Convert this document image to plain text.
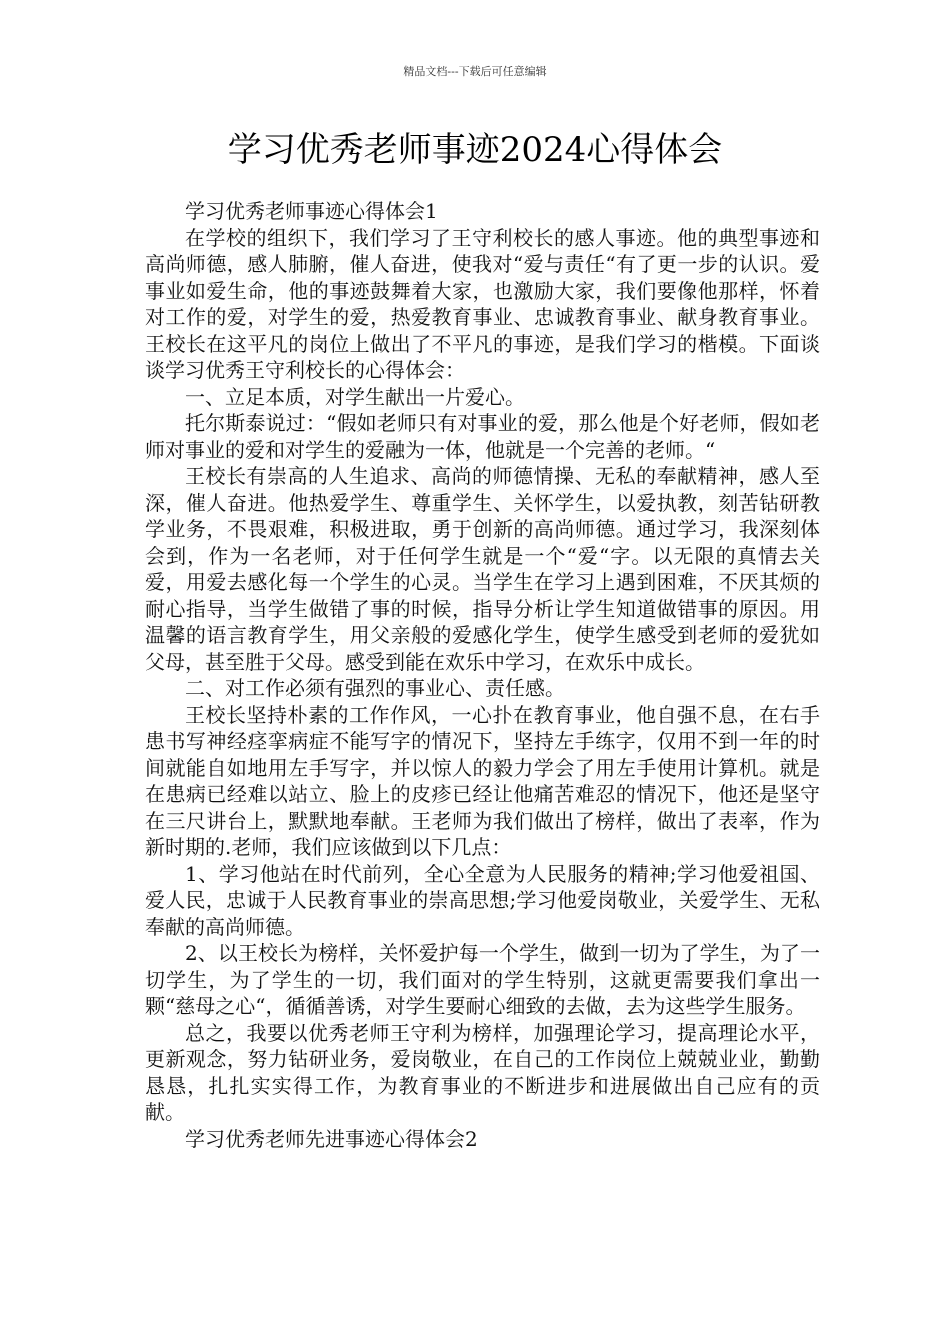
精品文档---下载后可任意编辑
学习优秀老师事迹2024心得体会

学习优秀老师事迹心得体会1

在学校的组织下，我们学习了王守利校长的感人事迹。他的典型事迹和高尚师德，感人肺腑，催人奋进，使我对“爱与责任“有了更一步的认识。爱事业如爱生命，他的事迹鼓舞着大家，也激励大家，我们要像他那样，怀着对工作的爱，对学生的爱，热爱教育事业、忠诚教育事业、献身教育事业。王校长在这平凡的岗位上做出了不平凡的事迹，是我们学习的楷模。下面谈谈学习优秀王守利校长的心得体会：

一、立足本质，对学生献出一片爱心。

托尔斯泰说过：“假如老师只有对事业的爱，那么他是个好老师，假如老师对事业的爱和对学生的爱融为一体，他就是一个完善的老师。“

王校长有崇高的人生追求、高尚的师德情操、无私的奉献精神，感人至深，催人奋进。他热爱学生、尊重学生、关怀学生，以爱执教，刻苦钻研教学业务，不畏艰难，积极进取，勇于创新的高尚师德。通过学习，我深刻体会到，作为一名老师，对于任何学生就是一个“爱“字。以无限的真情去关爱，用爱去感化每一个学生的心灵。当学生在学习上遇到困难，不厌其烦的耐心指导，当学生做错了事的时候，指导分析让学生知道做错事的原因。用温馨的语言教育学生，用父亲般的爱感化学生，使学生感受到老师的爱犹如父母，甚至胜于父母。感受到能在欢乐中学习，在欢乐中成长。

二、对工作必须有强烈的事业心、责任感。

王校长坚持朴素的工作作风，一心扑在教育事业，他自强不息，在右手患书写神经痉挛病症不能写字的情况下，坚持左手练字，仅用不到一年的时间就能自如地用左手写字，并以惊人的毅力学会了用左手使用计算机。就是在患病已经难以站立、脸上的皮疹已经让他痛苦难忍的情况下，他还是坚守在三尺讲台上，默默地奉献。王老师为我们做出了榜样，做出了表率，作为新时期的.老师，我们应该做到以下几点：

1、学习他站在时代前列，全心全意为人民服务的精神;学习他爱祖国、爱人民，忠诚于人民教育事业的崇高思想;学习他爱岗敬业，关爱学生、无私奉献的高尚师德。

2、以王校长为榜样，关怀爱护每一个学生，做到一切为了学生，为了一切学生，为了学生的一切，我们面对的学生特别，这就更需要我们拿出一颗“慈母之心“，循循善诱，对学生要耐心细致的去做，去为这些学生服务。

总之，我要以优秀老师王守利为榜样，加强理论学习，提高理论水平，更新观念，努力钻研业务，爱岗敬业，在自己的工作岗位上兢兢业业，勤勤恳恳，扎扎实实得工作，为教育事业的不断进步和进展做出自己应有的贡献。

学习优秀老师先进事迹心得体会2
